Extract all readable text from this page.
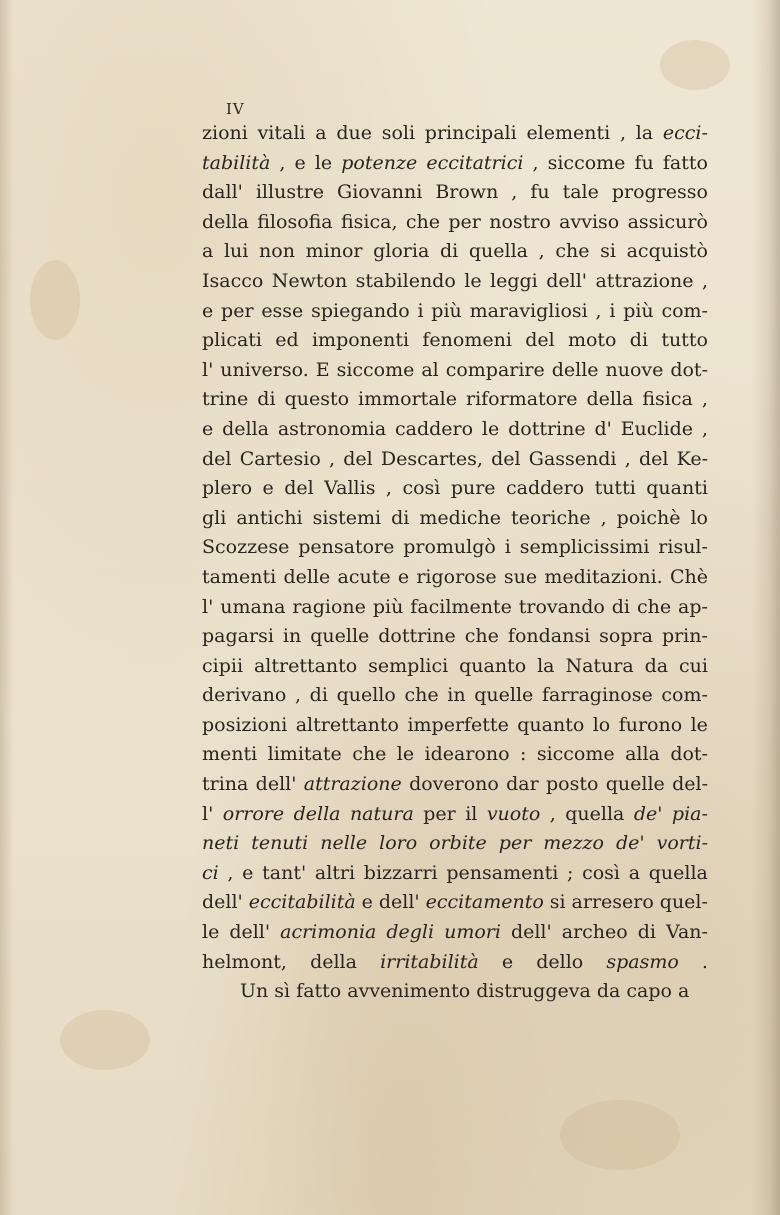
IV
zioni vitali a due soli principali elementi , la ecci-
tabilità , e le potenze eccitatrici , siccome fu fatto
dall' illustre Giovanni Brown , fu tale progresso
della filosofia fisica, che per nostro avviso assicurò
a lui non minor gloria di quella , che si acquistò
Isacco Newton stabilendo le leggi dell' attrazione ,
e per esse spiegando i più maravigliosi , i più com-
plicati ed imponenti fenomeni del moto di tutto
l' universo. E siccome al comparire delle nuove dot-
trine di questo immortale riformatore della fisica ,
e della astronomia caddero le dottrine d' Euclide ,
del Cartesio , del Descartes, del Gassendi , del Ke-
plero e del Vallis , così pure caddero tutti quanti
gli antichi sistemi di mediche teoriche , poichè lo
Scozzese pensatore promulgò i semplicissimi risul-
tamenti delle acute e rigorose sue meditazioni. Chè
l' umana ragione più facilmente trovando di che ap-
pagarsi in quelle dottrine che fondansi sopra prin-
cipii altrettanto semplici quanto la Natura da cui
derivano , di quello che in quelle farraginose com-
posizioni altrettanto imperfette quanto lo furono le
menti limitate che le idearono : siccome alla dot-
trina dell' attrazione doverono dar posto quelle del-
l' orrore della natura per il vuoto , quella de' pia-
neti tenuti nelle loro orbite per mezzo de' vorti-
ci , e tant' altri bizzarri pensamenti ; così a quella
dell' eccitabilità e dell' eccitamento si arresero quel-
le dell' acrimonia degli umori dell' archeo di Van-
helmont, della irritabilità e dello spasmo .
Un sì fatto avvenimento distruggeva da capo a
